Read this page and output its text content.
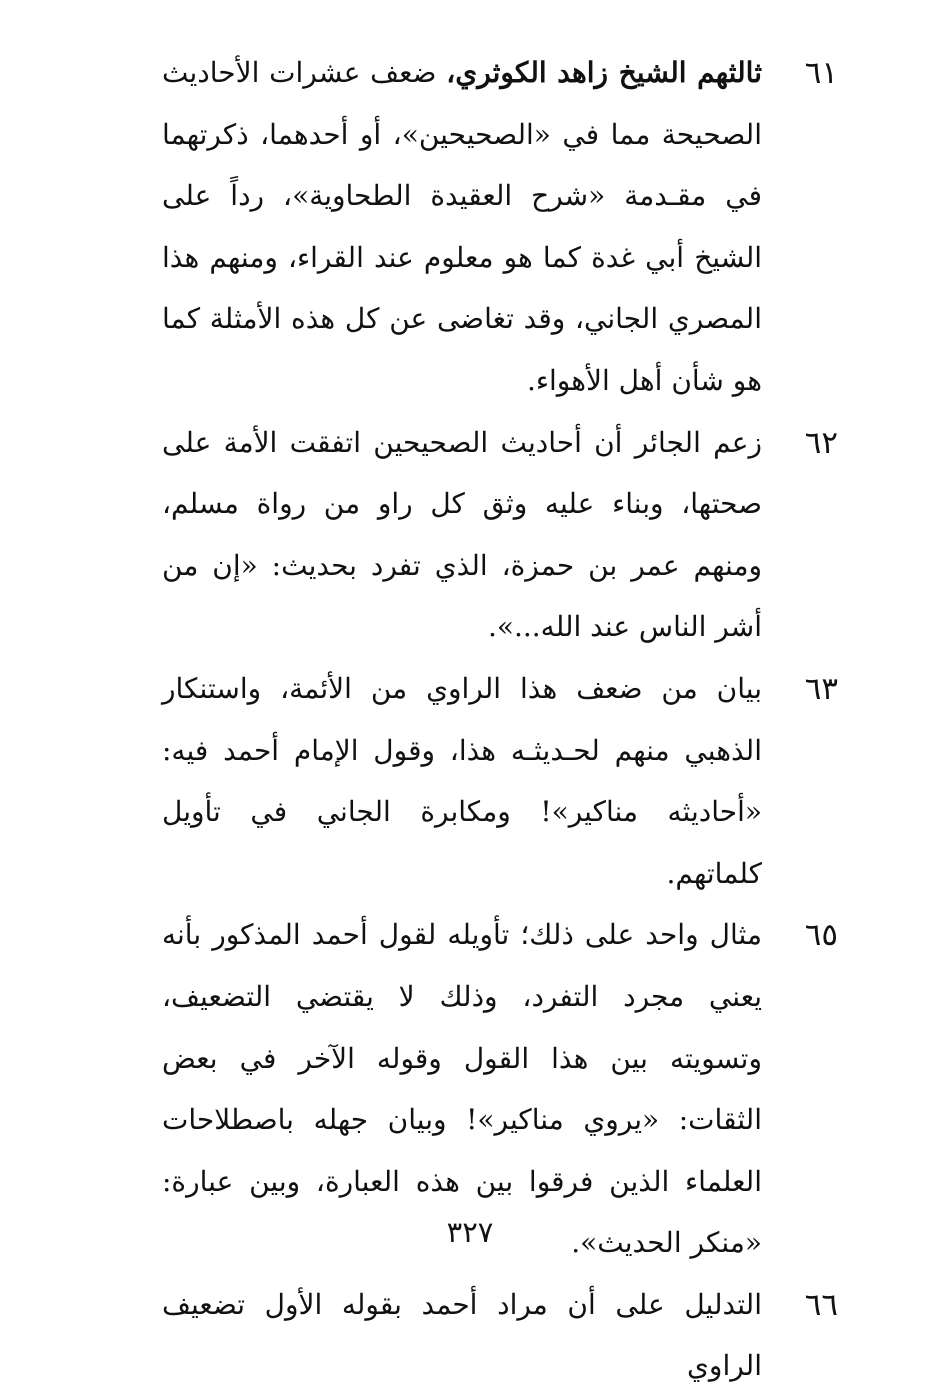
٦١
ثالثهم الشيخ زاهد الكوثري، ضعف عشرات الأحاديث الصحيحة مما في «الصحيحين»، أو أحدهما، ذكرتهما في مقـدمة «شرح العقيدة الطحاوية»، رداً على الشيخ أبي غدة كما هو معلوم عند القراء، ومنهم هذا المصري الجاني، وقد تغاضى عن كل هذه الأمثلة كما هو شأن أهل الأهواء.
٦٢
زعم الجائر أن أحاديث الصحيحين اتفقت الأمة على صحتها، وبناء عليه وثق كل راو من رواة مسلم، ومنهم عمر بن حمزة، الذي تفرد بحديث: «إن من أشر الناس عند الله...».
٦٣
بيان من ضعف هذا الراوي من الأئمة، واستنكار الذهبي منهم لحـديثـه هذا، وقول الإمام أحمد فيه: «أحاديثه مناكير»! ومكابرة الجاني في تأويل كلماتهم.
٦٥
مثال واحد على ذلك؛ تأويله لقول أحمد المذكور بأنه يعني مجرد التفرد، وذلك لا يقتضي التضعيف، وتسويته بين هذا القول وقوله الآخر في بعض الثقات: «يروي مناكير»! وبيان جهله باصطلاحات العلماء الذين فرقوا بين هذه العبارة، وبين عبارة: «منكر الحديث».
٦٦
التدليل على أن مراد أحمد بقوله الأول تضعيف الراوي
٣٢٧
